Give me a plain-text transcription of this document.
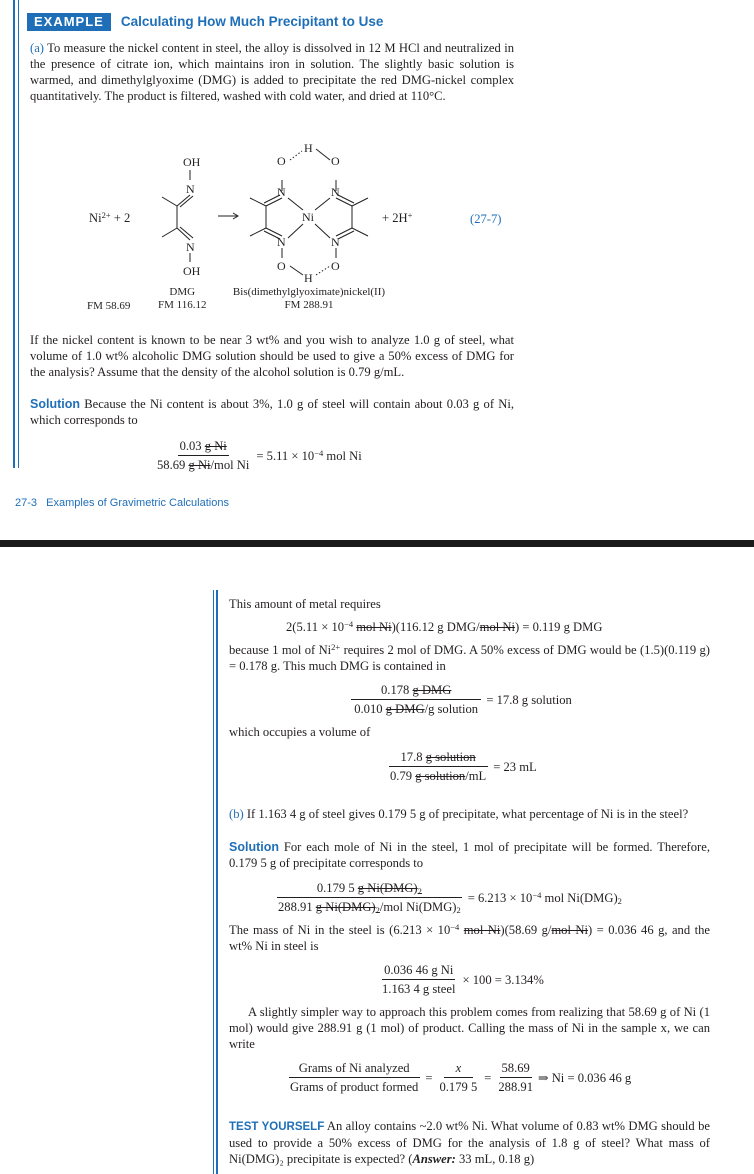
EXAMPLE	Calculating How Much Precipitant to Use
(a) To measure the nickel content in steel, the alloy is dissolved in 12 M HCl and neutralized in the presence of citrate ion, which maintains iron in solution. The slightly basic solution is warmed, and dimethylglyoxime (DMG) is added to precipitate the red DMG-nickel complex quantitatively. The product is filtered, washed with cold water, and dried at 110°C.
OH
N
N
OH
O
H
O
N	N
Ni
N	N
O
H
O
$Ni^{2+} + 2$	+ 2H+	(27-7)
FM 58.69
DMG
FM 116.12
Bis(dimethylglyoximate)nickel(II)
FM 288.91
If the nickel content is known to be near 3 wt% and you wish to analyze 1.0 g of steel, what volume of 1.0 wt% alcoholic DMG solution should be used to give a 50% excess of DMG for the analysis? Assume that the density of the alcohol solution is 0.79 g/mL.
Solution Because the Ni content is about 3%, 1.0 g of steel will contain about 0.03 g of Ni, which corresponds to
$\frac{\text{0.03 g Ni}}{\text{58.69 g Ni/mol Ni}} = 5.11 \times 10^{-4}$ mol Ni
27-3   Examples of Gravimetric Calculations
This amount of metal requires
$2(5.11 \times 10^{-4}$ mol Ni)(116.12 g DMG/mol Ni) = 0.119 g DMG
because 1 mol of $Ni^{2+}$ requires 2 mol of DMG. A 50% excess of DMG would be (1.5)(0.119 g) = 0.178 g. This much DMG is contained in
$\frac{\text{0.178 g DMG}}{\text{0.010 g DMG/g solution}} = 17.8$ g solution
which occupies a volume of
$\frac{\text{17.8 g solution}}{\text{0.79 g solution/mL}} = 23$ mL
(b) If 1.163 4 g of steel gives 0.179 5 g of precipitate, what percentage of Ni is in the steel?
Solution For each mole of Ni in the steel, 1 mol of precipitate will be formed. Therefore, 0.179 5 g of precipitate corresponds to
$\frac{0.179 5 g Ni(DMG)_2}{288.91 g Ni(DMG)_2/mol Ni(DMG)_2} = 6.213 \times 10^{-4}$ mol $Ni(DMG)_2$
The mass of Ni in the steel is ($6.213 \times 10^{-4}$ mol Ni)(58.69 g/mol Ni) = 0.036 46 g, and the wt% Ni in steel is
$\frac{\text{0.036 46 g Ni}}{\text{1.163 4 g steel}} \times 100 = 3.134\%$
A slightly simpler way to approach this problem comes from realizing that 58.69 g of Ni (1 mol) would give 288.91 g (1 mol) of product. Calling the mass of Ni in the sample x, we can write
$\frac{\text{Grams of Ni analyzed}}{\text{Grams of product formed}} = \frac{x}{0.179 5} = \frac{58.69}{288.91}$ ⇒ Ni = 0.036 46 g
TEST YOURSELF An alloy contains ~2.0 wt% Ni. What volume of 0.83 wt% DMG should be used to provide a 50% excess of DMG for the analysis of 1.8 g of steel? What mass of Ni(DMG)₂ precipitate is expected? (Answer: 33 mL, 0.18 g)
